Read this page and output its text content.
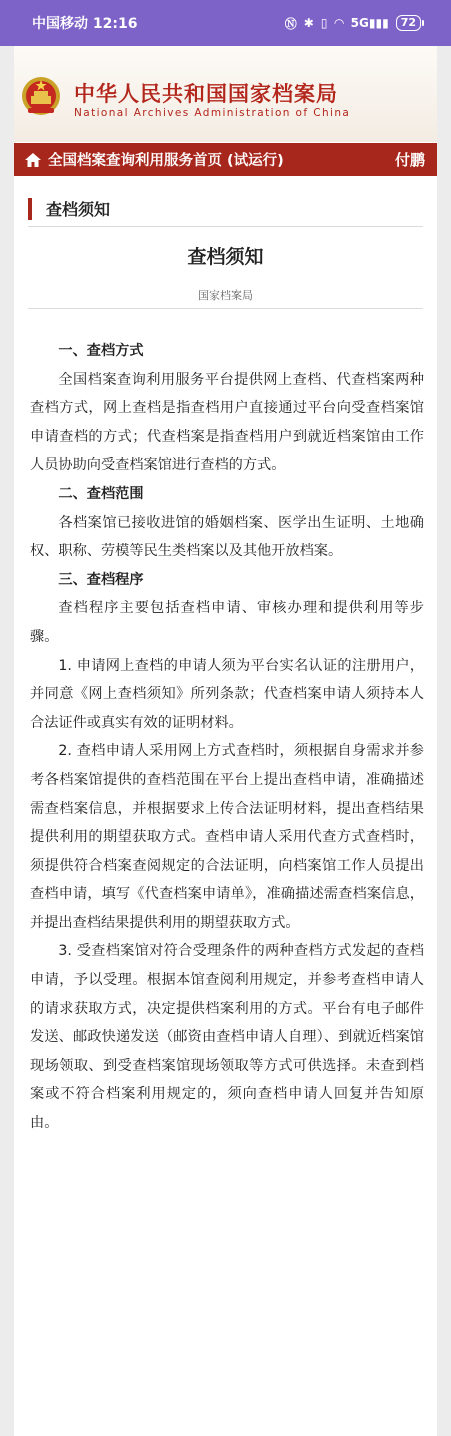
中国移动 12:16	Ⓝ ✱ ▯ ◠ 5G▮▮▮	72
中华人民共和国国家档案局
National Archives Administration of China
全国档案查询利用服务首页 (试运行)	付鹏
查档须知
查档须知
国家档案局

一、查档方式

全国档案查询利用服务平台提供网上查档、代查档案两种查档方式，网上查档是指查档用户直接通过平台向受查档案馆申请查档的方式；代查档案是指查档用户到就近档案馆由工作人员协助向受查档案馆进行查档的方式。

二、查档范围

各档案馆已接收进馆的婚姻档案、医学出生证明、土地确权、职称、劳模等民生类档案以及其他开放档案。

三、查档程序

查档程序主要包括查档申请、审核办理和提供利用等步骤。

1. 申请网上查档的申请人须为平台实名认证的注册用户，并同意《网上查档须知》所列条款；代查档案申请人须持本人合法证件或真实有效的证明材料。

2. 查档申请人采用网上方式查档时，须根据自身需求并参考各档案馆提供的查档范围在平台上提出查档申请，准确描述需查档案信息，并根据要求上传合法证明材料，提出查档结果提供利用的期望获取方式。查档申请人采用代查方式查档时，须提供符合档案查阅规定的合法证明，向档案馆工作人员提出查档申请，填写《代查档案申请单》，准确描述需查档案信息，并提出查档结果提供利用的期望获取方式。

3. 受查档案馆对符合受理条件的两种查档方式发起的查档申请，予以受理。根据本馆查阅利用规定，并参考查档申请人的请求获取方式，决定提供档案利用的方式。平台有电子邮件发送、邮政快递发送（邮资由查档申请人自理）、到就近档案馆现场领取、到受查档案馆现场领取等方式可供选择。未查到档案或不符合档案利用规定的，须向查档申请人回复并告知原由。
